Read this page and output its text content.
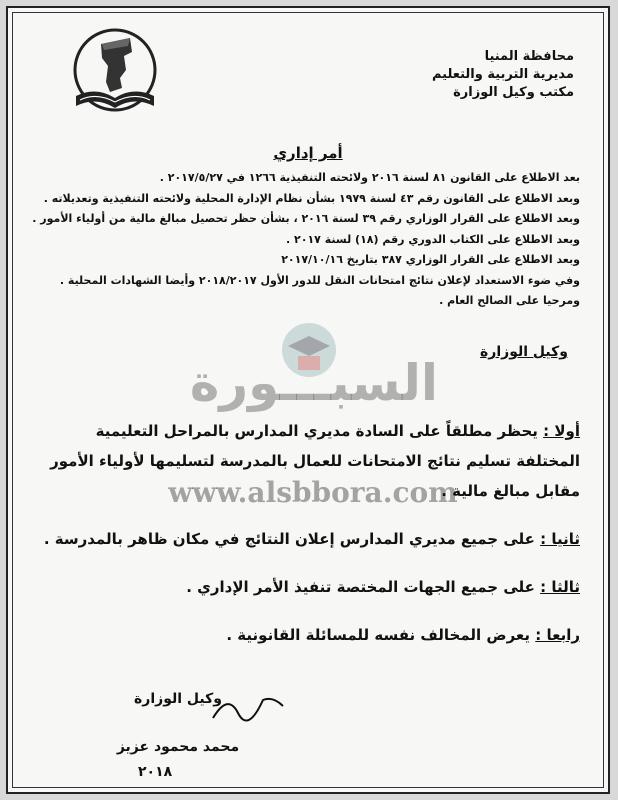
محافظة المنيا
مديرية التربية والتعليم
مكتب وكيل الوزارة
أمر إداري
بعد الاطلاع على القانون ٨١ لسنة ٢٠١٦ ولائحته التنفيذية ١٢٦٦ في ٢٠١٧/٥/٢٧ .
وبعد الاطلاع على القانون رقم ٤٣ لسنة ١٩٧٩ بشأن نظام الإدارة المحلية ولائحته التنفيذية وتعديلاته .
وبعد الاطلاع على القرار الوزاري رقم ٣٩ لسنة ٢٠١٦ ، بشأن حظر تحصيل مبالغ مالية من أولياء الأمور .
وبعد الاطلاع على الكتاب الدوري رقم (١٨) لسنة ٢٠١٧ .
وبعد الاطلاع على القرار الوزاري ٣٨٧ بتاريخ ٢٠١٧/١٠/١٦
وفي ضوء الاستعداد لإعلان نتائج امتحانات النقل للدور الأول ٢٠١٨/٢٠١٧ وأيضا الشهادات المحلية .
ومرحيا على الصالح العام .
وكيل الوزارة
السبـــورة
www.alsbbora.com
أولا : يحظر مطلقاً على السادة مديري المدارس بالمراحل التعليمية المختلفة تسليم نتائج الامتحانات للعمال بالمدرسة لتسليمها لأولياء الأمور مقابل مبالغ مالية .
ثانيا : على جميع مديري المدارس إعلان النتائج في مكان ظاهر بالمدرسة .
ثالثا : على جميع الجهات المختصة تنفيذ الأمر الإداري .
رابعا : يعرض المخالف نفسه للمسائلة القانونية .
وكيل الوزارة
محمد محمود عزيز
٢٠١٨
